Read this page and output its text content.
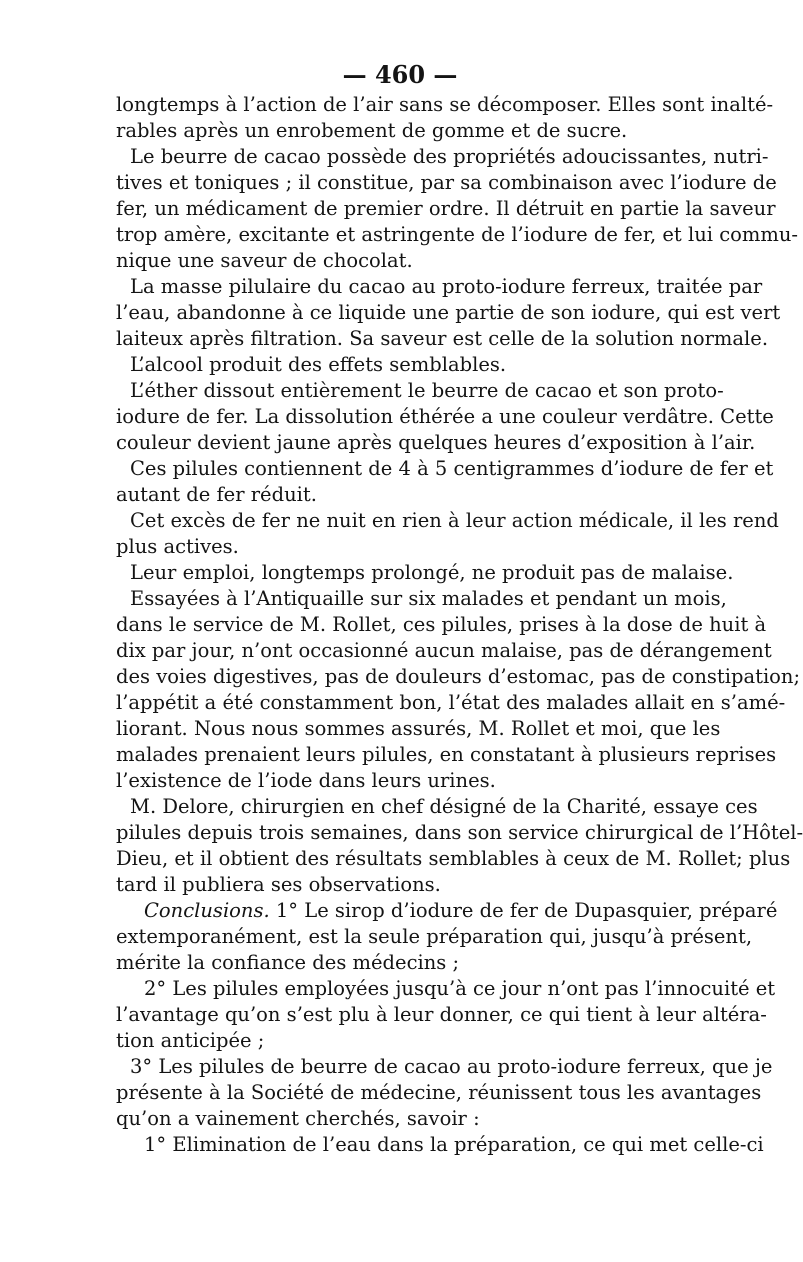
— 460 —
longtemps à l’action de l’air sans se décomposer. Elles sont inalté-
rables après un enrobement de gomme et de sucre.
Le beurre de cacao possède des propriétés adoucissantes, nutri-
tives et toniques ; il constitue, par sa combinaison avec l’iodure de
fer, un médicament de premier ordre. Il détruit en partie la saveur
trop amère, excitante et astringente de l’iodure de fer, et lui commu-
nique une saveur de chocolat.
La masse pilulaire du cacao au proto-iodure ferreux, traitée par
l’eau, abandonne à ce liquide une partie de son iodure, qui est vert
laiteux après filtration. Sa saveur est celle de la solution normale.
L’alcool produit des effets semblables.
L’éther dissout entièrement le beurre de cacao et son proto-
iodure de fer. La dissolution éthérée a une couleur verdâtre. Cette
couleur devient jaune après quelques heures d’exposition à l’air.
Ces pilules contiennent de 4 à 5 centigrammes d’iodure de fer et
autant de fer réduit.
Cet excès de fer ne nuit en rien à leur action médicale, il les rend
plus actives.
Leur emploi, longtemps prolongé, ne produit pas de malaise.
Essayées à l’Antiquaille sur six malades et pendant un mois,
dans le service de M. Rollet, ces pilules, prises à la dose de huit à
dix par jour, n’ont occasionné aucun malaise, pas de dérangement
des voies digestives, pas de douleurs d’estomac, pas de constipation;
l’appétit a été constamment bon, l’état des malades allait en s’amé-
liorant. Nous nous sommes assurés, M. Rollet et moi, que les
malades prenaient leurs pilules, en constatant à plusieurs reprises
l’existence de l’iode dans leurs urines.
M. Delore, chirurgien en chef désigné de la Charité, essaye ces
pilules depuis trois semaines, dans son service chirurgical de l’Hôtel-
Dieu, et il obtient des résultats semblables à ceux de M. Rollet; plus
tard il publiera ses observations.
Conclusions. 1° Le sirop d’iodure de fer de Dupasquier, préparé
extemporanément, est la seule préparation qui, jusqu’à présent,
mérite la confiance des médecins ;
2° Les pilules employées jusqu’à ce jour n’ont pas l’innocuité et
l’avantage qu’on s’est plu à leur donner, ce qui tient à leur altéra-
tion anticipée ;
3° Les pilules de beurre de cacao au proto-iodure ferreux, que je
présente à la Société de médecine, réunissent tous les avantages
qu’on a vainement cherchés, savoir :
1° Elimination de l’eau dans la préparation, ce qui met celle-ci
